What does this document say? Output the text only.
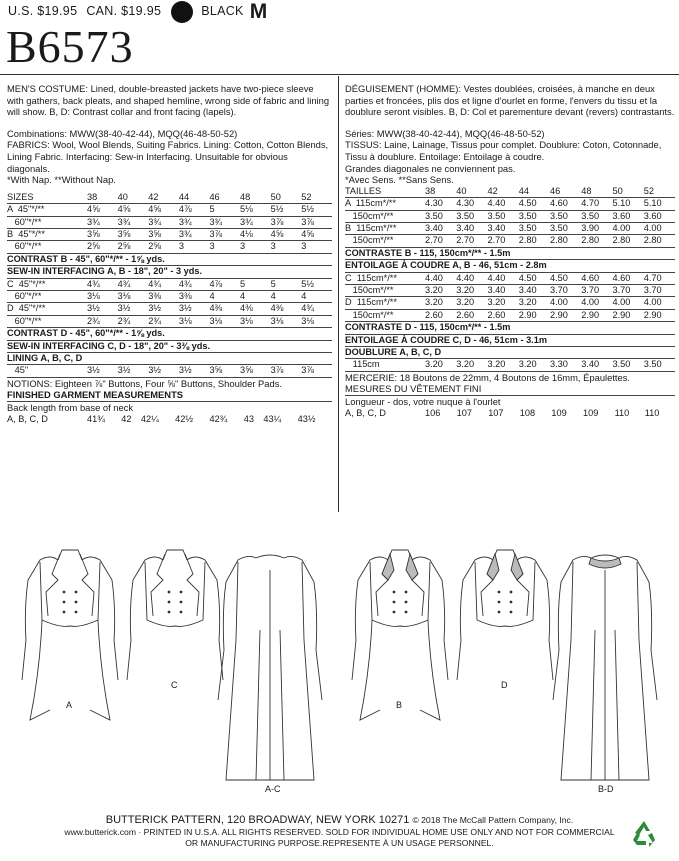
U.S. $19.95 CAN. $19.95	BLACK M
B6573

MEN'S COSTUME: Lined, double-breasted jackets have two-piece sleeve with gathers, back pleats, and shaped hemline, wrong side of fabric and lining will show. B, D: Contrast collar and front facing (lapels).

Combinations: MWW(38-40-42-44), MQQ(46-48-50-52)

FABRICS: Wool, Wool Blends, Suiting Fabrics. Lining: Cotton, Cotton Blends, Lining Fabric. Interfacing: Sew-in Interfacing. Unsuitable for obvious diagonals.

*With Nap. **Without Nap.

SIZES	38	40	42	44	46	48	50	52
A  45"*/**	4⅝	4⅝	4⅝	4⅞	5	5⅛	5½	5½
60"*/**	3¾	3¾	3¾	3¾	3¾	3¾	3⅞	3⅞
B  45"*/**	3⅝	3⅝	3⅝	3¾	3⅞	4⅛	4⅝	4⅝
60"*/**	2⅝	2⅝	2⅝	3	3	3	3	3
CONTRAST B - 45", 60"*/** - 1⅝ yds.								
SEW-IN INTERFACING A, B - 18", 20" - 3 yds.								
C  45"*/**	4¾	4¾	4¾	4¾	4⅞	5	5	5½
60"*/**	3⅛	3⅛	3⅜	3⅜	4	4	4	4
D  45"*/**	3½	3½	3½	3½	4⅜	4⅜	4⅜	4¾
60"*/**	2¾	2¾	2¾	3⅛	3⅛	3⅛	3⅛	3⅛
CONTRAST D - 45", 60"*/** - 1⅝ yds.								
SEW-IN INTERFACING C, D - 18", 20" - 3⅜ yds.								
LINING A, B, C, D								
45"	3½	3½	3½	3½	3⅝	3⅝	3⅞	3⅞

NOTIONS: Eighteen ⅞" Buttons, Four ⅝" Buttons, Shoulder Pads.

FINISHED GARMENT MEASUREMENTS

Back length from base of neck

A, B, C, D	41¾	42	42¼	42½	42¾	43	43¼	43½

DÉGUISEMENT (HOMME): Vestes doublées, croisées, à manche en deux parties et froncées, plis dos et ligne d'ourlet en forme, l'envers du tissu et la doublure seront visibles. B, D: Col et parementure devant (revers) contrastants.

Séries: MWW(38-40-42-44), MQQ(46-48-50-52)

TISSUS: Laine, Lainage, Tissus pour complet. Doublure: Coton, Cotonnade, Tissu à doublure. Entoilage: Entoilage à coudre.

Grandes diagonales ne conviennent pas.

*Avec Sens. **Sans Sens.

TAILLES	38	40	42	44	46	48	50	52
A  115cm*/**	4.30	4.30	4.40	4.50	4.60	4.70	5.10	5.10
150cm*/**	3.50	3.50	3.50	3.50	3.50	3.50	3.60	3.60
B  115cm*/**	3.40	3.40	3.40	3.50	3.50	3.90	4.00	4.00
150cm*/**	2.70	2.70	2.70	2.80	2.80	2.80	2.80	2.80
CONTRASTE B - 115, 150cm*/** - 1.5m								
ENTOILAGE À COUDRE A, B - 46, 51cm - 2.8m								
C  115cm*/**	4.40	4.40	4.40	4.50	4.50	4.60	4.60	4.70
150cm*/**	3.20	3.20	3.40	3.40	3.70	3.70	3.70	3.70
D  115cm*/**	3.20	3.20	3.20	3.20	4.00	4.00	4.00	4.00
150cm*/**	2.60	2.60	2.60	2.90	2.90	2.90	2.90	2.90
CONTRASTE D - 115, 150cm*/** - 1.5m								
ENTOILAGE À COUDRE C, D - 46, 51cm - 3.1m								
DOUBLURE A, B, C, D								
115cm	3.20	3.20	3.20	3.20	3.30	3.40	3.50	3.50

MERCERIE: 18 Boutons de 22mm, 4 Boutons de 16mm, Épaulettes.

MESURES DU VÊTEMENT FINI

Longueur - dos, votre nuque à l'ourlet

A, B, C, D	106	107	107	108	109	109	110	110
A
C
A-C
B
D
B-D
BUTTERICK PATTERN, 120 BROADWAY, NEW YORK 10271 © 2018 The McCall Pattern Company, Inc.
www.butterick.com · PRINTED IN U.S.A. ALL RIGHTS RESERVED. SOLD FOR INDIVIDUAL HOME USE ONLY AND NOT FOR COMMERCIAL
OR MANUFACTURING PURPOSE.REPRESENTE À UN USAGE PERSONNEL.
